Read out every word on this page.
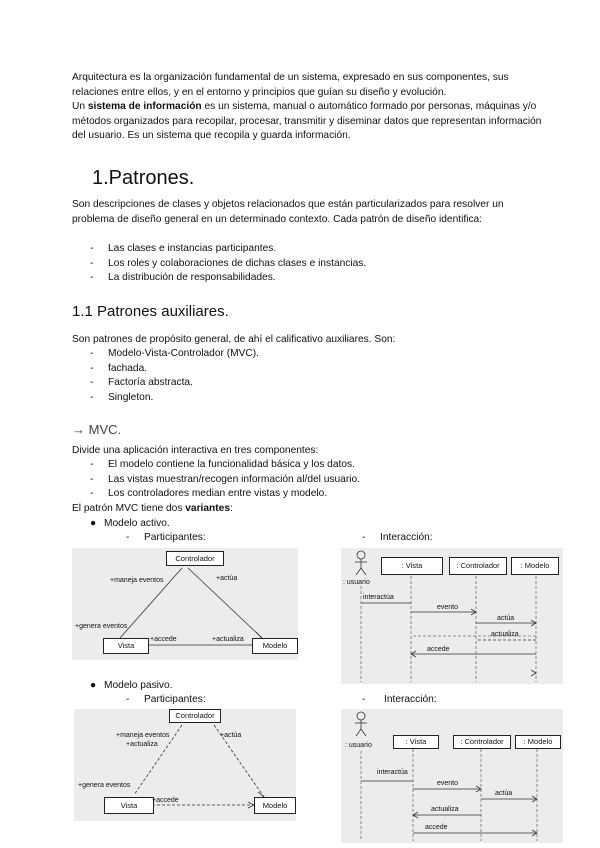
Arquitectura es la organización fundamental de un sistema, expresado en sus componentes, sus relaciones entre ellos, y en el entorno y principios que guían su diseño y evolución.
Un sistema de información es un sistema, manual o automático formado por personas, máquinas y/o métodos organizados para recopilar, procesar, transmitir y diseminar datos que representan información del usuario. Es un sistema que recopila y guarda información.
1.Patrones.
Son descripciones de clases y objetos relacionados que están particularizados para resolver un problema de diseño general en un determinado contexto. Cada patrón de diseño identifica:
- Las clases e instancias participantes.
- Los roles y colaboraciones de dichas clases e instancias.
- La distribución de responsabilidades.
1.1 Patrones auxiliares.
Son patrones de propósito general, de ahí el calificativo auxiliares. Son:
- Modelo-Vista-Controlador (MVC).
- fachada.
- Factoría abstracta.
- Singleton.
→ MVC.
Divide una aplicación interactiva en tres componentes:
- El modelo contiene la funcionalidad básica y los datos.
- Las vistas muestran/recogen información al/del usuario.
- Los controladores median entre vistas y modelo.
El patrón MVC tiene dos variantes:
● Modelo activo.
- Participantes:	- Interacción:
Controlador
Vista	Modelo
+maneja eventos	+actúa
+genera eventos
+accede	+actualiza
: usuario
: Vista	: Controlador	: Modelo
interactúa
evento
actúa
actualiza
accede
● Modelo pasivo.
- Participantes:	- Interacción:
Controlador
Vista	Modelo
+maneja eventos
+actualiza
+actúa
+genera eventos
+accede
: usuario	: Vista	: Controlador	: Modelo
interactúa
evento
actúa
actualiza
accede
